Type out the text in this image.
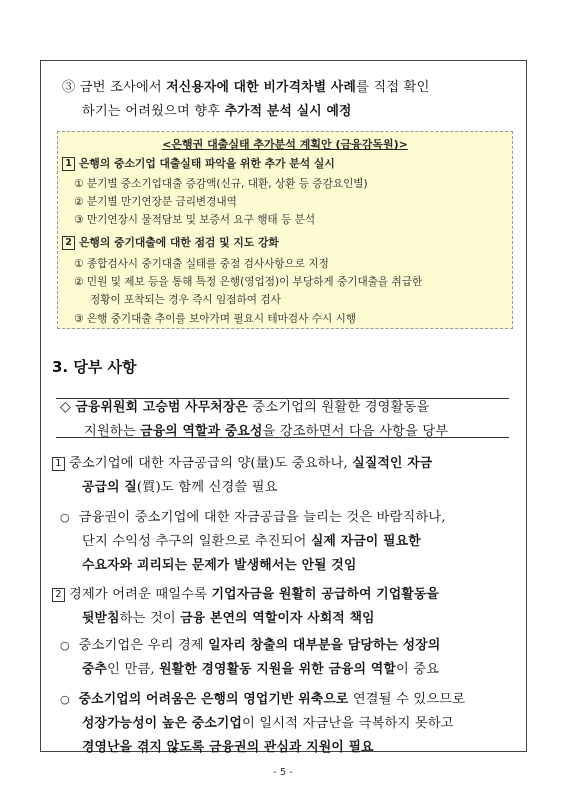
③ 금번 조사에서 저신용자에 대한 비가격차별 사례를 직접 확인
하기는 어려웠으며 향후 추가적 분석 실시 예정
<은행권 대출실태 추가분석 계획안 (금융감독원)>
1 은행의 중소기업 대출실태 파악을 위한 추가 분석 실시
① 분기별 중소기업대출 증감액(신규, 대환, 상환 등 증감요인별)
② 분기별 만기연장분 금리변경내역
③ 만기연장시 물적담보 및 보증서 요구 행태 등 분석
2 은행의 중기대출에 대한 점검 및 지도 강화
① 종합검사시 중기대출 실태를 중점 검사사항으로 지정
② 민원 및 제보 등을 통해 특정 은행(영업점)이 부당하게 중기대출을 취급한
정황이 포착되는 경우 즉시 임점하여 검사
③ 은행 중기대출 추이를 보아가며 필요시 테마검사 수시 시행
3. 당부 사항
◇ 금융위원회 고승범 사무처장은 중소기업의 원활한 경영활동을
지원하는 금융의 역할과 중요성을 강조하면서 다음 사항을 당부
1 중소기업에 대한 자금공급의 양(量)도 중요하나, 실질적인 자금
공급의 질(質)도 함께 신경쓸 필요
○ 금융권이 중소기업에 대한 자금공급을 늘리는 것은 바람직하나,
단지 수익성 추구의 일환으로 추진되어 실제 자금이 필요한
수요자와 괴리되는 문제가 발생해서는 안될 것임
2 경제가 어려운 때일수록 기업자금을 원활히 공급하여 기업활동을
뒷받침하는 것이 금융 본연의 역할이자 사회적 책임
○ 중소기업은 우리 경제 일자리 창출의 대부분을 담당하는 성장의
중추인 만큼, 원활한 경영활동 지원을 위한 금융의 역할이 중요
○ 중소기업의 어려움은 은행의 영업기반 위축으로 연결될 수 있으므로
성장가능성이 높은 중소기업이 일시적 자금난을 극복하지 못하고
경영난을 겪지 않도록 금융권의 관심과 지원이 필요
- 5 -
